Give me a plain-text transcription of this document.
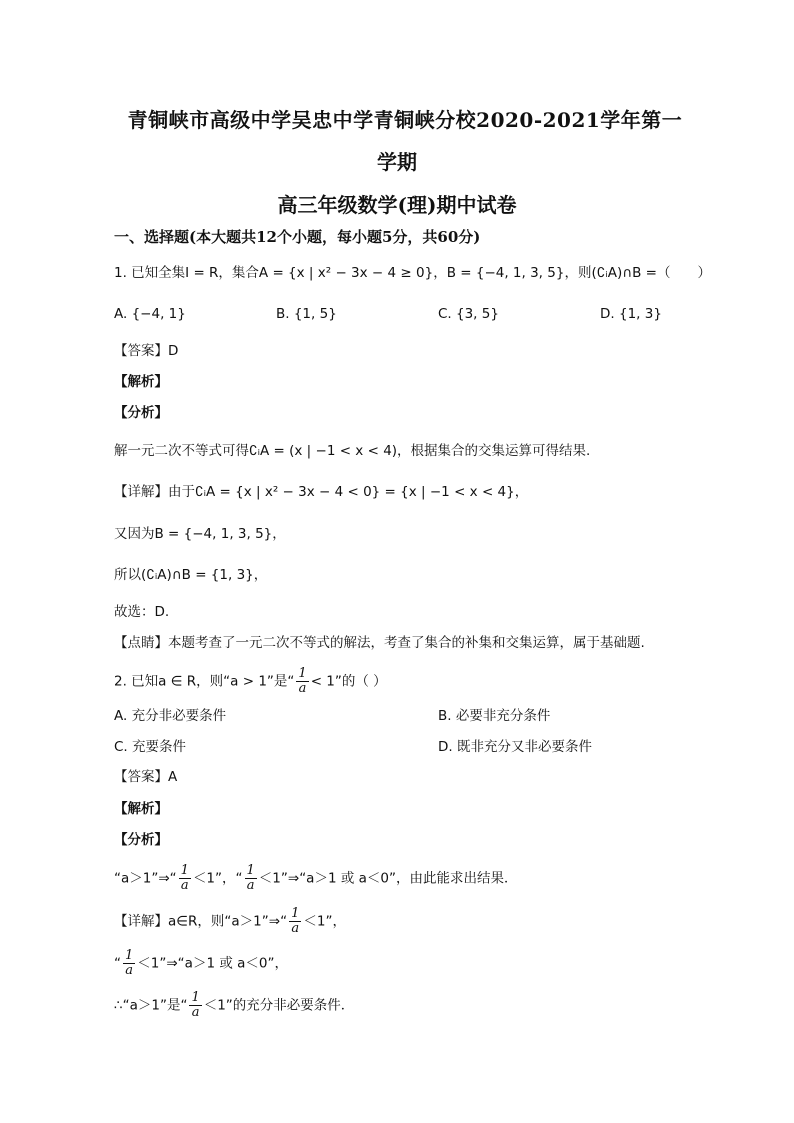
青铜峡市高级中学吴忠中学青铜峡分校2020-2021学年第一
学期
高三年级数学(理)期中试卷
一、选择题(本大题共12个小题，每小题5分，共60分)
1. 已知全集I = R，集合A = {x | x² − 3x − 4 ≥ 0}，B = {−4, 1, 3, 5}，则(∁ᵢA)∩B =（　　）
A. {−4, 1}	B. {1, 5}	C. {3, 5}	D. {1, 3}
【答案】D
【解析】
【分析】
解一元二次不等式可得∁ᵢA = (x | −1 < x < 4)，根据集合的交集运算可得结果.
【详解】由于∁ᵢA = {x | x² − 3x − 4 < 0} = {x | −1 < x < 4}，
又因为B = {−4, 1, 3, 5}，
所以(∁ᵢA)∩B = {1, 3}，
故选：D.
【点睛】本题考查了一元二次不等式的解法，考查了集合的补集和交集运算，属于基础题.
2. 已知a ∈ R，则“a > 1”是“ $\frac{1}{a} < 1$”的（ ）
A. 充分非必要条件	B. 必要非充分条件
C. 充要条件	D. 既非充分又非必要条件
【答案】A
【解析】
【分析】
“a＞1”⇒“ $\frac{1}{a} <1$”，“ $\frac{1}{a}$ ＜1”⇒“a＞1 或 a＜0”，由此能求出结果．
【详解】a∈R，则“a＞1”⇒“ $\frac{1}{a} <1$”，
“ $\frac{1}{a}$ ＜1”⇒“a＞1 或 a＜0”，
∴“a＞1”是“ $\frac{1}{a} <1$”的充分非必要条件．
